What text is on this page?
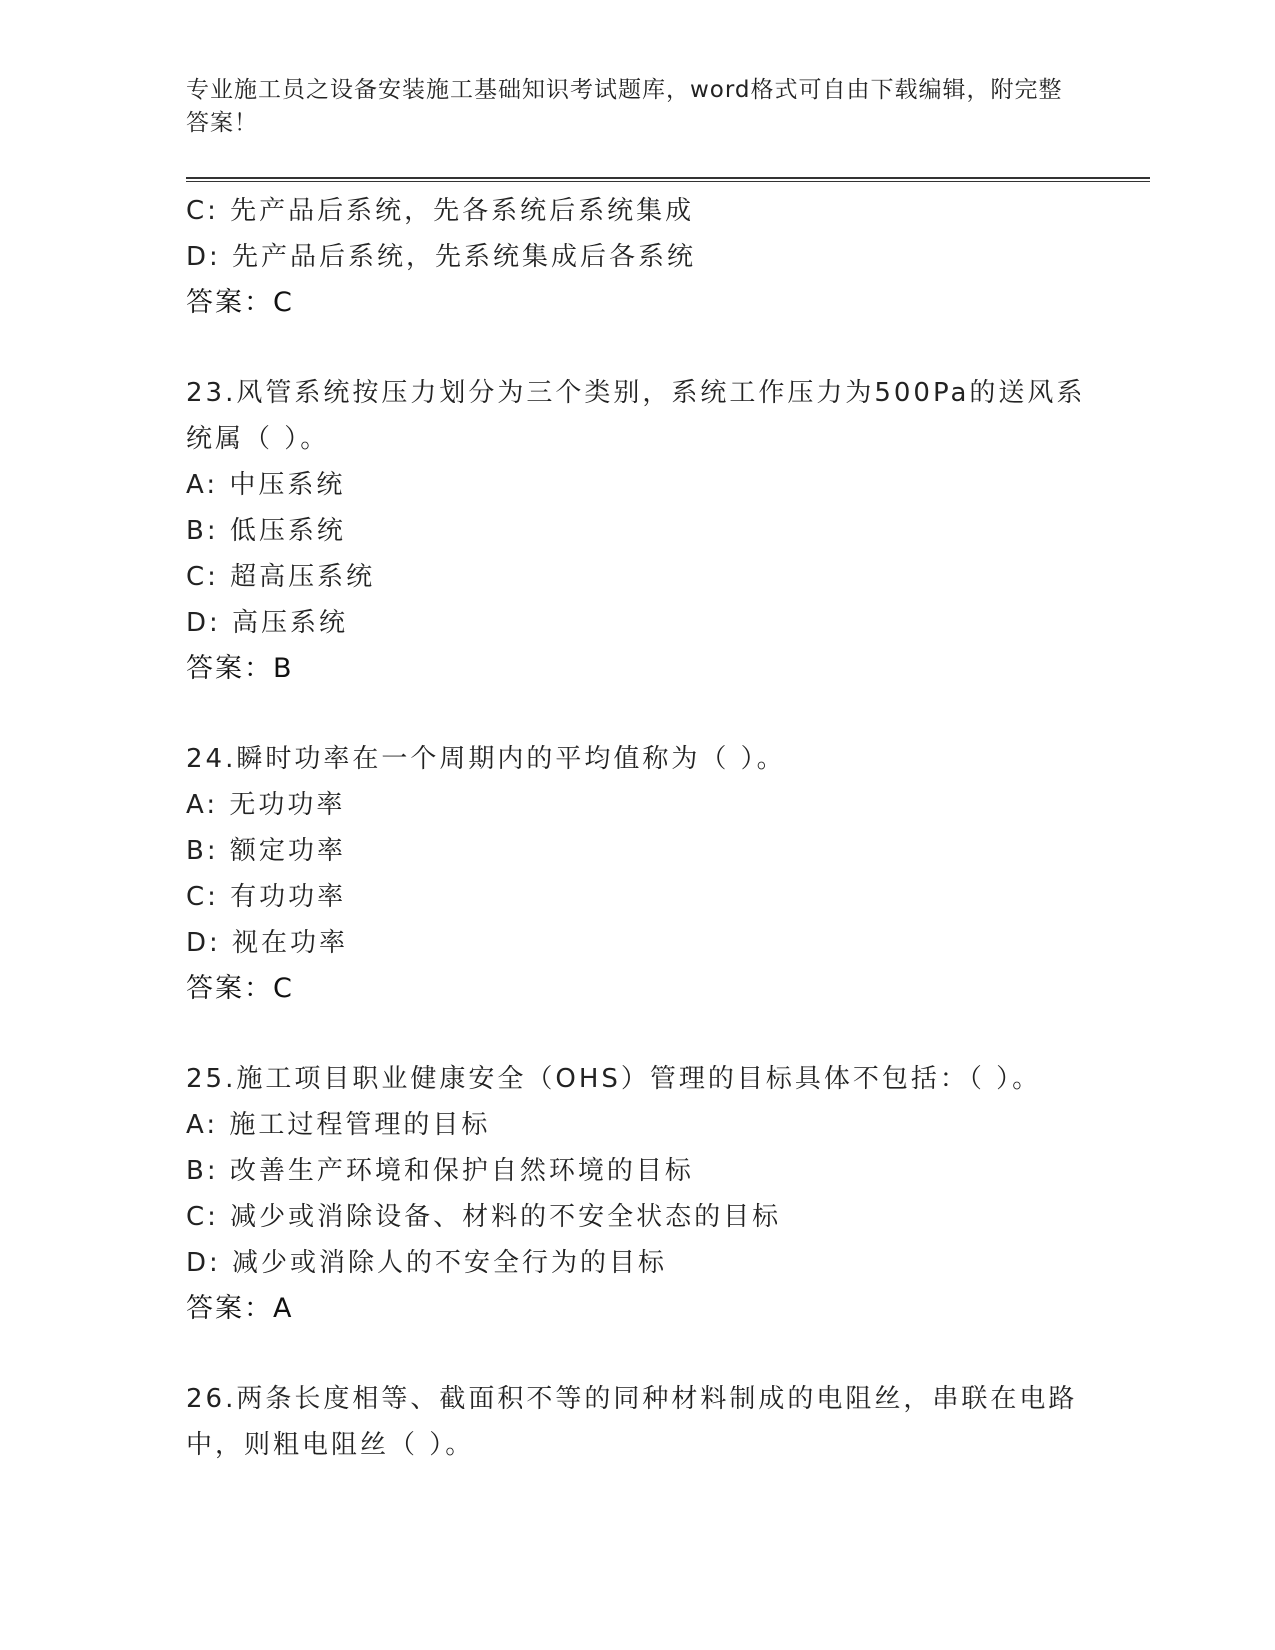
专业施工员之设备安装施工基础知识考试题库，word格式可自由下载编辑，附完整答案！
C: 先产品后系统，先各系统后系统集成
D: 先产品后系统，先系统集成后各系统
答案：C
23.风管系统按压力划分为三个类别，系统工作压力为500Pa的送风系统属（ ）。
A: 中压系统
B: 低压系统
C: 超高压系统
D: 高压系统
答案：B
24.瞬时功率在一个周期内的平均值称为（ ）。
A: 无功功率
B: 额定功率
C: 有功功率
D: 视在功率
答案：C
25.施工项目职业健康安全（OHS）管理的目标具体不包括：（ ）。
A: 施工过程管理的目标
B: 改善生产环境和保护自然环境的目标
C: 减少或消除设备、材料的不安全状态的目标
D: 减少或消除人的不安全行为的目标
答案：A
26.两条长度相等、截面积不等的同种材料制成的电阻丝，串联在电路中，则粗电阻丝（ ）。
